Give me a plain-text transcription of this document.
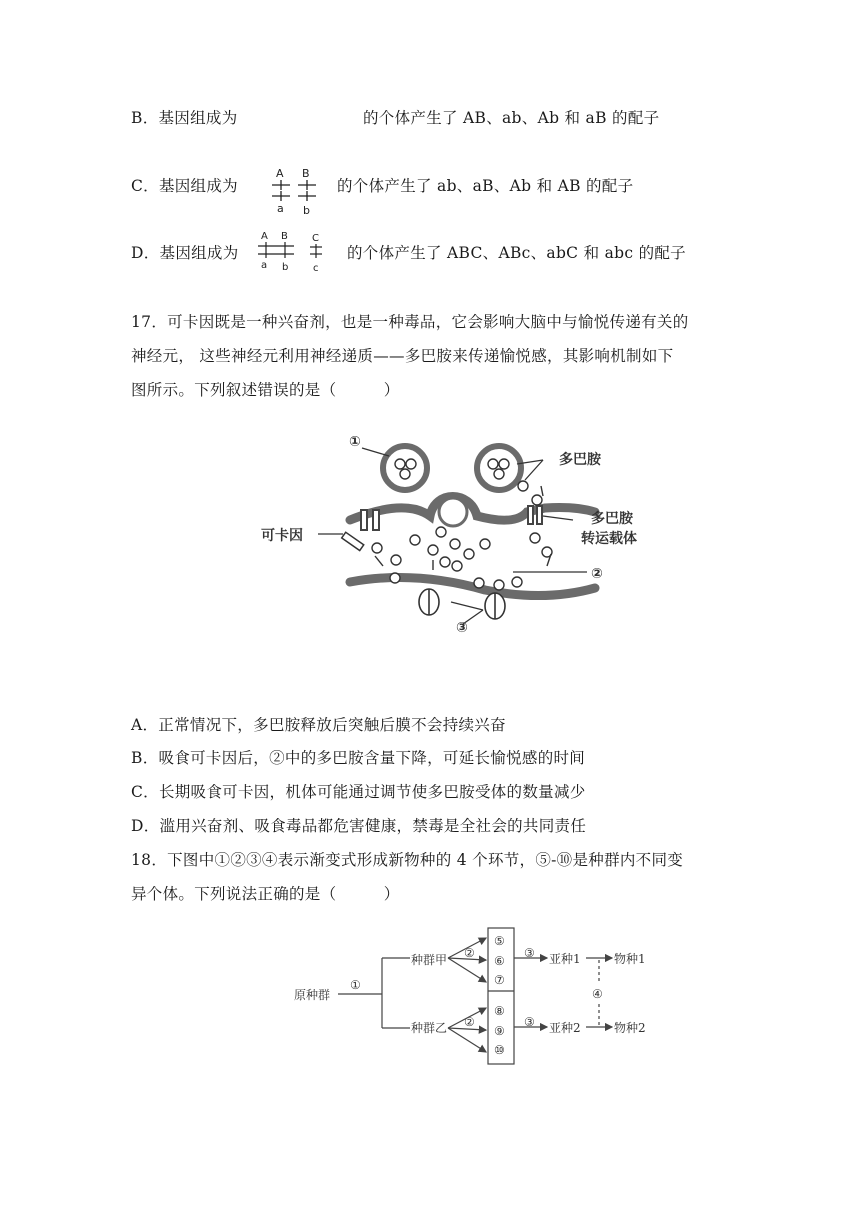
B．基因组成为	的个体产生了 AB、ab、Ab 和 aB 的配子
C．基因组成为	的个体产生了 ab、aB、Ab 和 AB 的配子
A B
a b
D．基因组成为	的个体产生了 ABC、ABc、abC 和 abc 的配子
A B C
a b c
17．可卡因既是一种兴奋剂，也是一种毒品，它会影响大脑中与愉悦传递有关的
神经元， 这些神经元利用神经递质——多巴胺来传递愉悦感，其影响机制如下
图所示。下列叙述错误的是（　　　）
①
多巴胺
可卡因
多巴胺
转运载体
②
③
A．正常情况下，多巴胺释放后突触后膜不会持续兴奋
B．吸食可卡因后，②中的多巴胺含量下降，可延长愉悦感的时间
C．长期吸食可卡因，机体可能通过调节使多巴胺受体的数量减少
D．滥用兴奋剂、吸食毒品都危害健康，禁毒是全社会的共同责任
18．下图中①②③④表示渐变式形成新物种的 4 个环节，⑤-⑩是种群内不同变
异个体。下列说法正确的是（　　　）
原种群
①
种群甲
种群乙
②
②
⑤
⑥
⑦
⑧
⑨
⑩
③
③
亚种1
亚种2
物种1
物种2
④
